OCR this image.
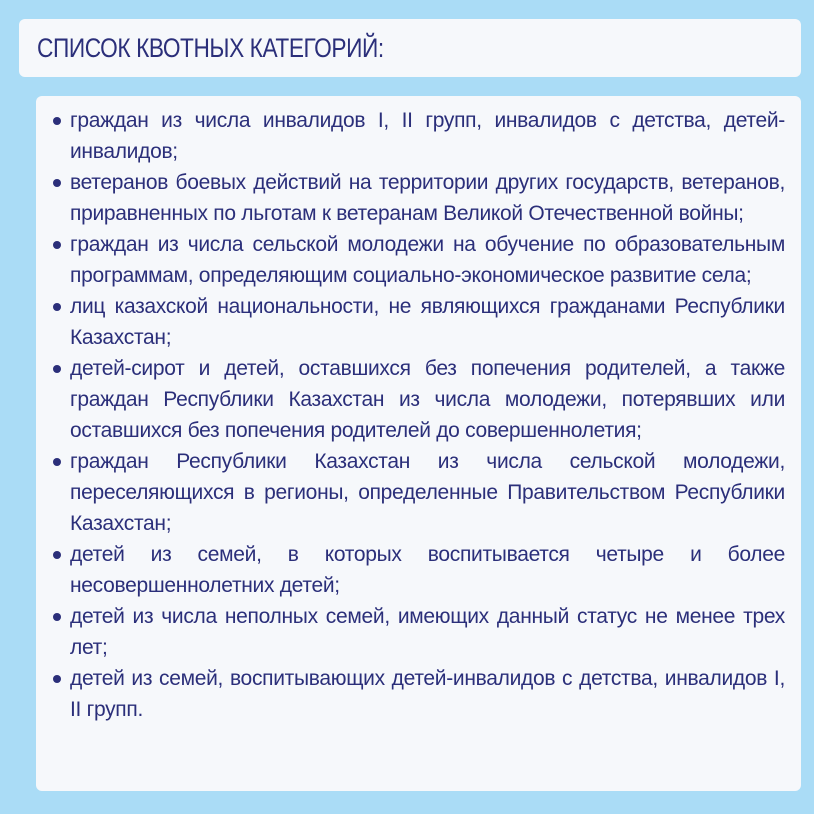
СПИСОК КВОТНЫХ КАТЕГОРИЙ:
граждан из числа инвалидов I, II групп, инвалидов с детства, детей-инвалидов;
ветеранов боевых действий на территории других государств, ветеранов, приравненных по льготам к ветеранам Великой Отечественной войны;
граждан из числа сельской молодежи на обучение по образовательным программам, определяющим социально-экономическое развитие села;
лиц казахской национальности, не являющихся гражданами Республики Казахстан;
детей-сирот и детей, оставшихся без попечения родителей, а также граждан Республики Казахстан из числа молодежи, потерявших или оставшихся без попечения родителей до совершеннолетия;
граждан Республики Казахстан из числа сельской молодежи, переселяющихся в регионы, определенные Правительством Республики Казахстан;
детей из семей, в которых воспитывается четыре и более несовершеннолетних детей;
детей из числа неполных семей, имеющих данный статус не менее трех лет;
детей из семей, воспитывающих детей-инвалидов с детства, инвалидов I, II групп.
